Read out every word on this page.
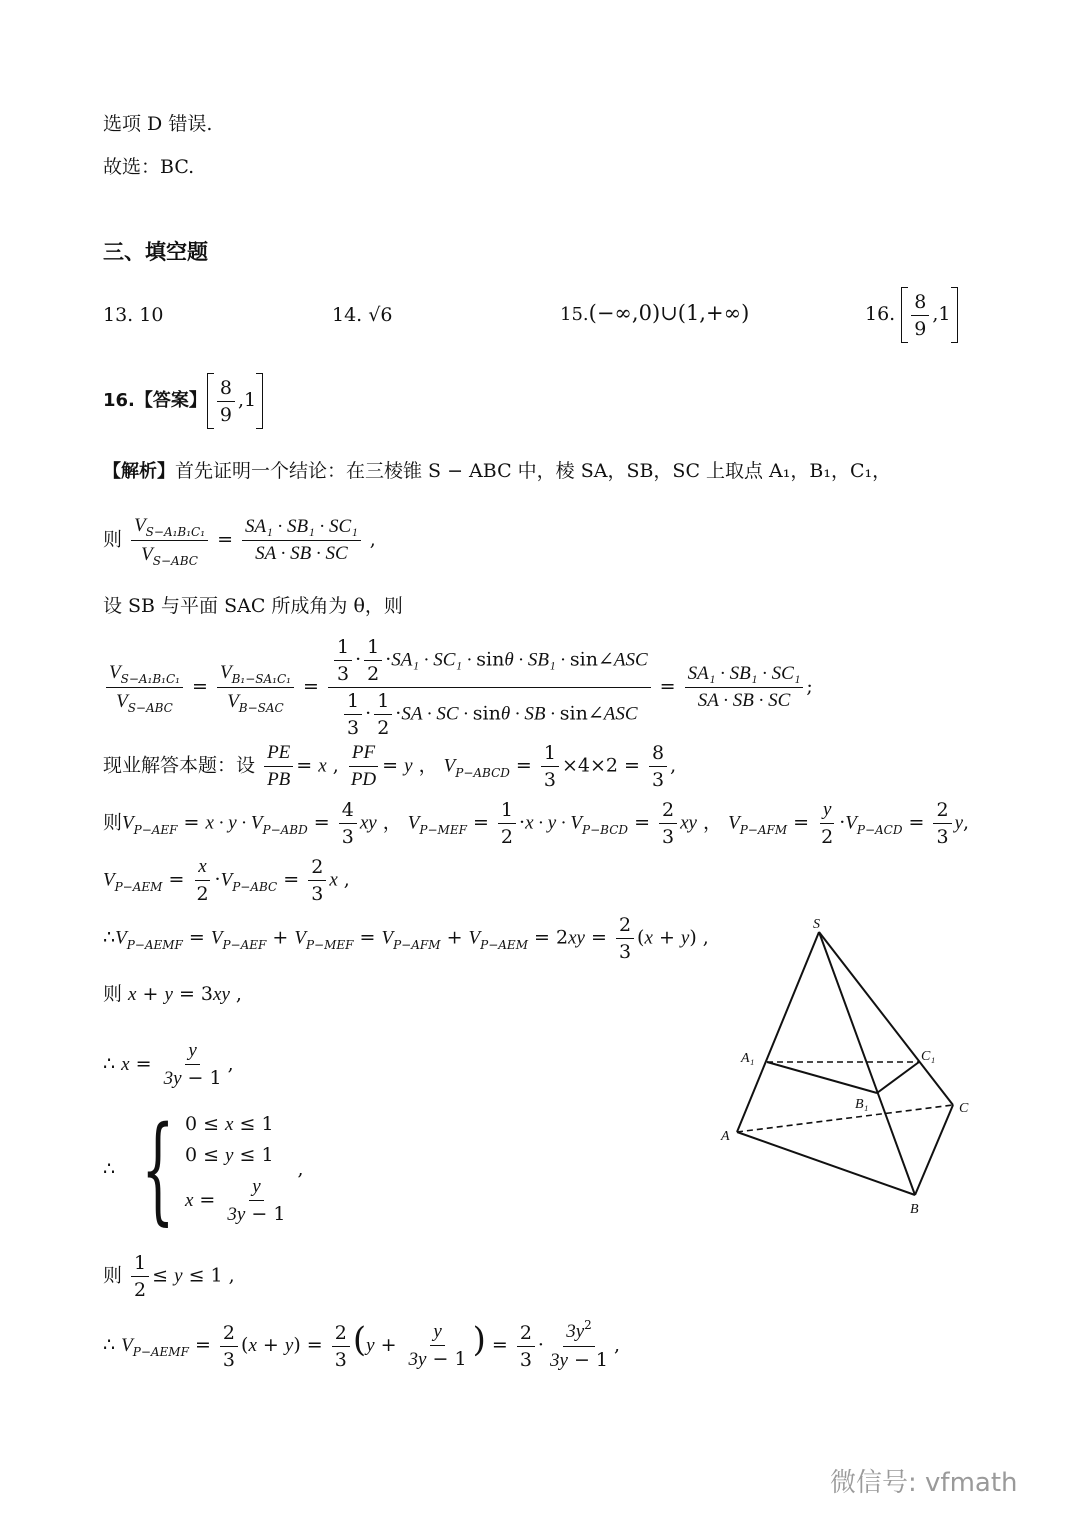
选项 D 错误.
故选：BC.
三、填空题
13. 10	14. √6	15.(−∞,0)∪(1,+∞)	16. $\frac{8}{9} ,1$
16.【答案】 $\frac{8}{9} ,1$
【解析】首先证明一个结论：在三棱锥 S − ABC 中，棱 SA，SB，SC 上取点 A₁，B₁，C₁，
则 $\frac{V_{S-A_1B_1C_1}}{V_{S-ABC}} = \frac{\text{SA₁ · SB₁ · SC₁}}{SA \cdot SB \cdot SC}$ ,
设 SB 与平面 SAC 所成角为 θ，则
$\frac{V_{S-A_1B_1C_1}}{V_{S-ABC}} = \frac{V_{B_1-SA_1C_1}}{V_{B-SAC}} = \frac{\frac{1}{3} \cdot \frac{1}{2} \cdot SA_1 \cdot SC_1 \cdot \sin\theta \cdot SB_1 \cdot \sin\angle ASC}{\frac{1}{3} \cdot \frac{1}{2} \cdot SA \cdot SC \cdot \sin\theta \cdot SB \cdot \sin\angle ASC} = \frac{\text{SA₁ · SB₁ · SC₁}}{SA \cdot SB \cdot SC}$ ;
现业解答本题：设 $\frac{PE}{PB} = x$ , $\frac{PF}{PD} = y$ ， $V_{P-ABCD} = \frac{1}{3} \times 4\times 2 = \frac{8}{3}$ ,
则$V_{P-AEF} = x \cdot y \cdot V_{P-ABD} = \frac{4}{3}$ xy ， $V_{P-MEF} = \frac{1}{2} \cdot x \cdot y \cdot V_{P-BCD} = \frac{2}{3}$ xy ， $V_{P-AFM} = \frac{y}{2} \cdot V_{P-ACD} = \frac{2}{3} y$,
$V_{P-AEM} = \frac{x}{2} \cdot V_{P-ABC} = \frac{2}{3}$ x ,
$\therefore V_{P-AEMF} = V_{P-AEF} + V_{P-MEF} = V_{P-AFM} + V_{P-AEM} = 2xy = \frac{2}{3} (x + y)$ ,
则 x + y = 3xy ,
∴ $x = \frac{y}{3y - 1}$ ,
∴ { 0 ≤ x ≤ 1
0 ≤ y ≤ 1
$x = \frac{y}{3y - 1}$
,
则 $\frac{1}{2} \le y \le 1$ ,
∴ $V_{P-AEMF} = \frac{2}{3} (x + y) = \frac{2}{3} (y + \frac{y}{3y - 1}$ ) = $\frac{2}{3} \cdot \frac{3y^2}{3y - 1}$ ,
S
A₁	C₁
B₁
A
C
B
微信号: vfmath
